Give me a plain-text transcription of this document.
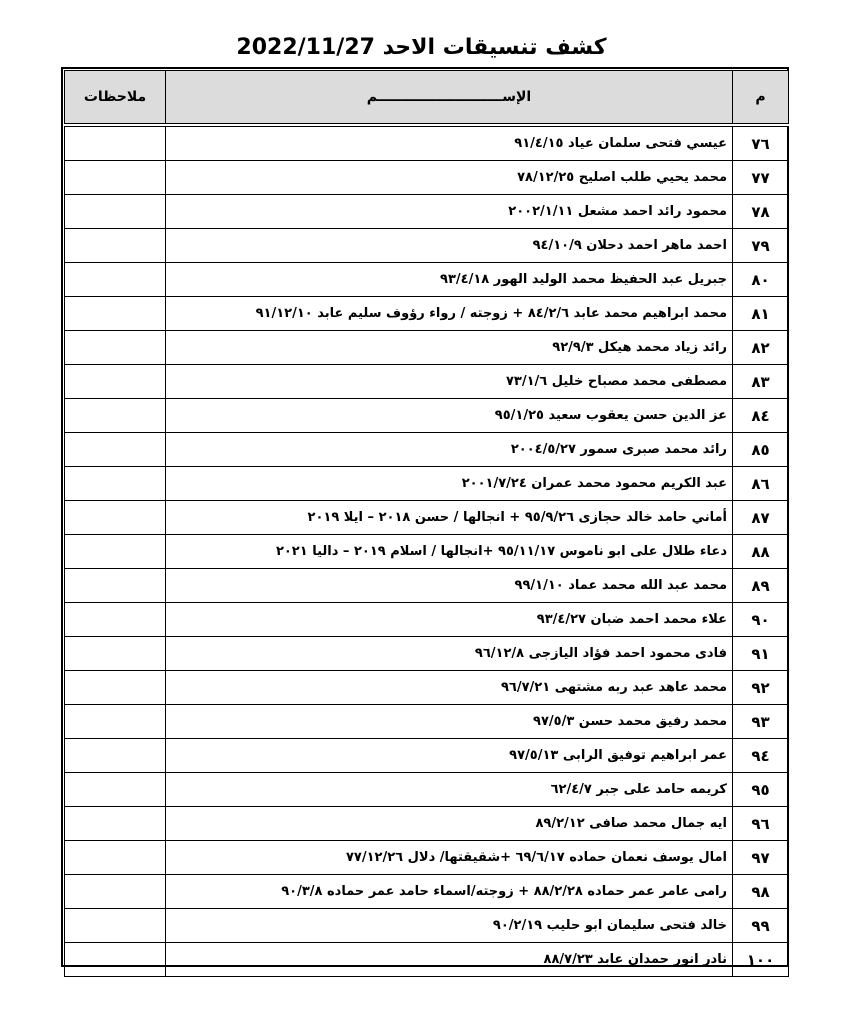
كشف تنسيقات الاحد 2022/11/27
م	الإســــــــــــــــــــــــــم	ملاحظات

٧٦	عيسي فتحى سلمان عياد ٩١/٤/١٥	
٧٧	محمد يحيي طلب اصليح ٧٨/١٢/٢٥	
٧٨	محمود رائد احمد مشعل ٢٠٠٢/١/١١	
٧٩	احمد ماهر احمد دحلان ٩٤/١٠/٩	
٨٠	جبريل عبد الحفيظ محمد الوليد الهور ٩٣/٤/١٨	
٨١	محمد ابراهيم محمد عابد ٨٤/٢/٦ + زوجته / رواء رؤوف سليم عابد ٩١/١٢/١٠	
٨٢	رائد زياد محمد هيكل ٩٢/٩/٣	
٨٣	مصطفى محمد مصباح خليل ٧٣/١/٦	
٨٤	عز الدين حسن يعقوب سعيد ٩٥/١/٢٥	
٨٥	رائد محمد صبرى سمور ٢٠٠٤/٥/٢٧	
٨٦	عبد الكريم محمود محمد عمران ٢٠٠١/٧/٢٤	
٨٧	أماني حامد خالد حجازى ٩٥/٩/٢٦ + انجالها / حسن ٢٠١٨ – ايلا ٢٠١٩	
٨٨	دعاء طلال على ابو ناموس ٩٥/١١/١٧ +انجالها / اسلام ٢٠١٩ – داليا ٢٠٢١	
٨٩	محمد عبد الله محمد عماد ٩٩/١/١٠	
٩٠	علاء محمد احمد ضبان ٩٣/٤/٢٧	
٩١	فادى محمود احمد فؤاد اليازجى ٩٦/١٢/٨	
٩٢	محمد عاهد عبد ربه مشتهى ٩٦/٧/٢١	
٩٣	محمد رفيق محمد حسن ٩٧/٥/٣	
٩٤	عمر ابراهيم توفيق الرابى ٩٧/٥/١٣	
٩٥	كريمه حامد على جبر ٦٢/٤/٧	
٩٦	ايه جمال محمد صافى ٨٩/٢/١٢	
٩٧	امال يوسف نعمان حماده ٦٩/٦/١٧ +شقيقتها/ دلال ٧٧/١٢/٢٦	
٩٨	رامى عامر عمر حماده ٨٨/٢/٢٨ + زوجته/اسماء حامد عمر حماده ٩٠/٣/٨	
٩٩	خالد فتحى سليمان ابو حليب ٩٠/٢/١٩	
١٠٠	نادر انور حمدان عابد ٨٨/٧/٢٣	
